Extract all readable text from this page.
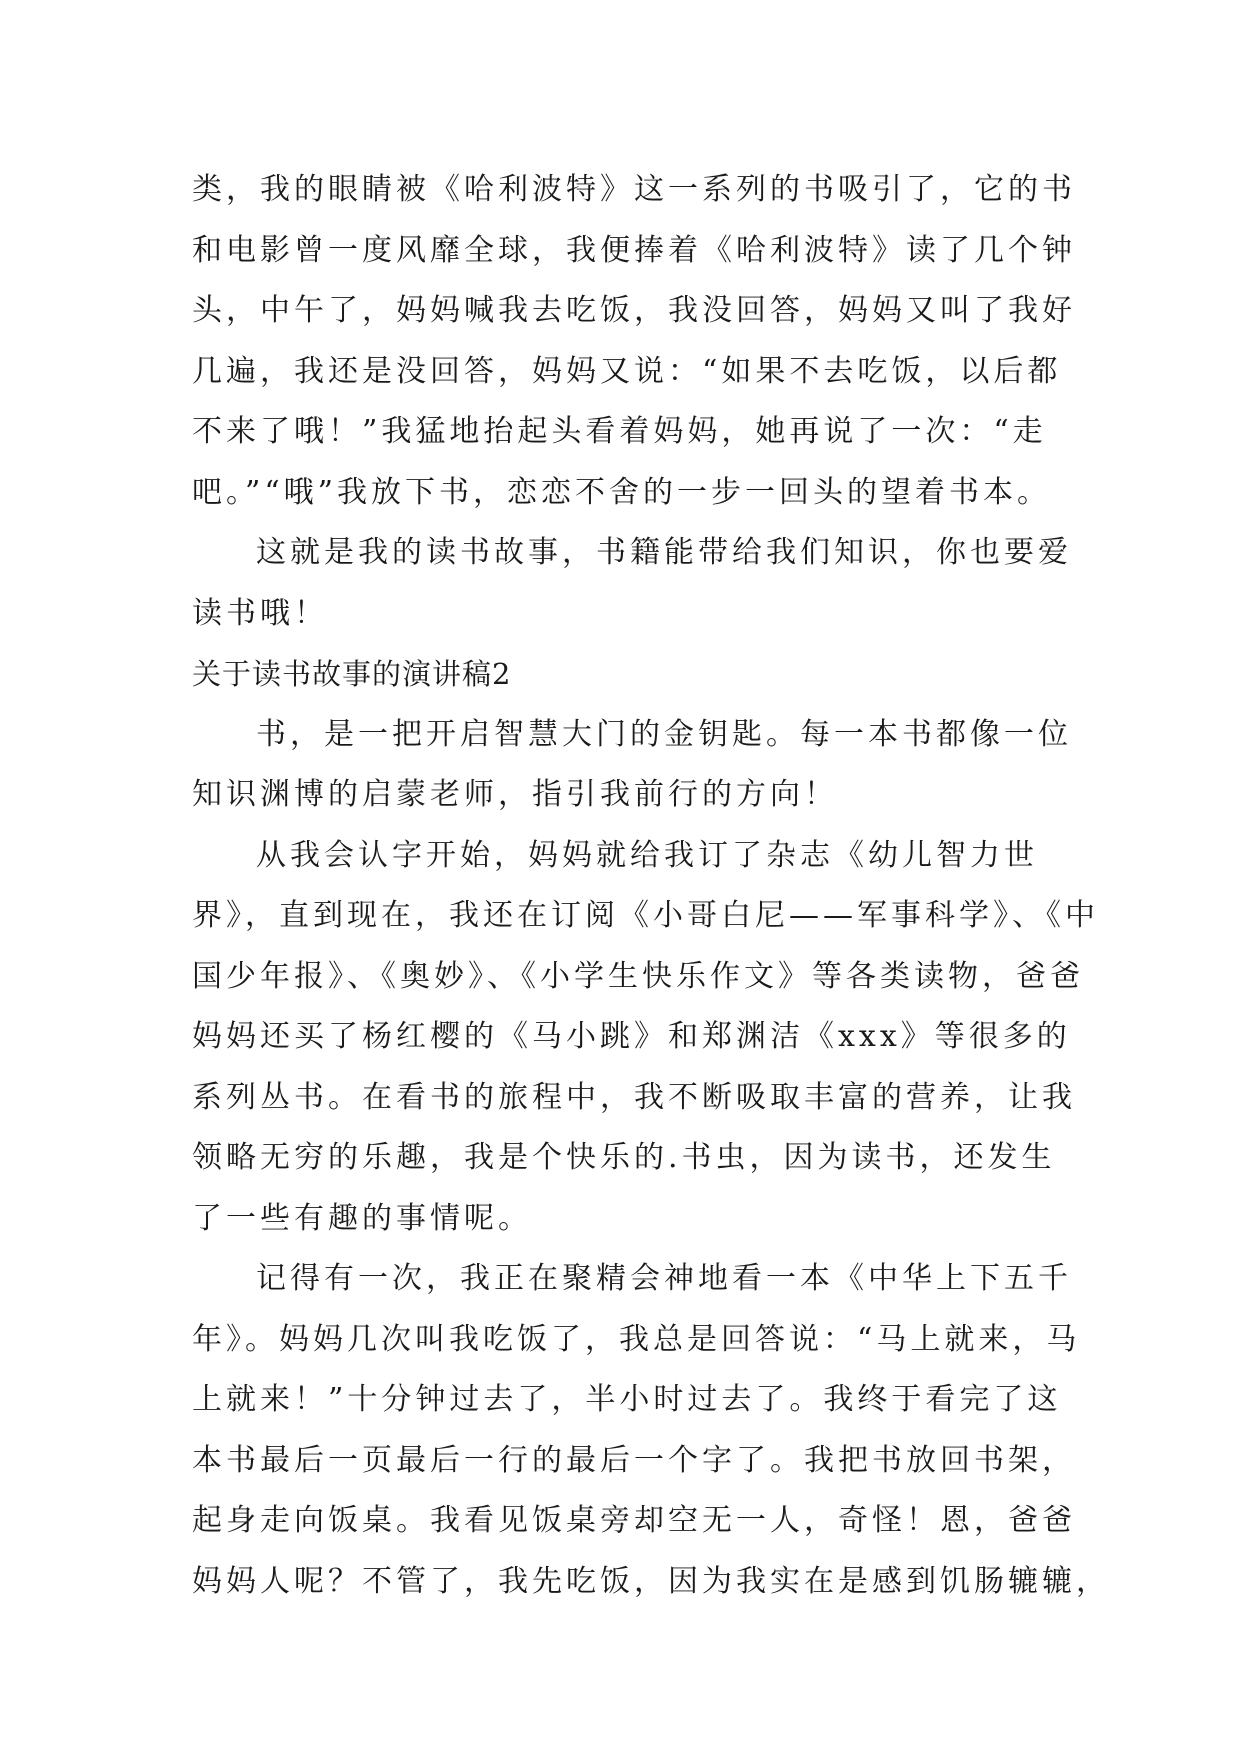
类，我的眼睛被《哈利波特》这一系列的书吸引了，它的书
和电影曾一度风靡全球，我便捧着《哈利波特》读了几个钟
头，中午了，妈妈喊我去吃饭，我没回答，妈妈又叫了我好
几遍，我还是没回答，妈妈又说：“如果不去吃饭，以后都
不来了哦！”我猛地抬起头看着妈妈，她再说了一次：“走
吧。”“哦”我放下书，恋恋不舍的一步一回头的望着书本。
这就是我的读书故事，书籍能带给我们知识，你也要爱
读书哦！
关于读书故事的演讲稿2
书，是一把开启智慧大门的金钥匙。每一本书都像一位
知识渊博的启蒙老师，指引我前行的方向！
从我会认字开始，妈妈就给我订了杂志《幼儿智力世
界》，直到现在，我还在订阅《小哥白尼——军事科学》、《中
国少年报》、《奥妙》、《小学生快乐作文》等各类读物，爸爸
妈妈还买了杨红樱的《马小跳》和郑渊洁《xxx》等很多的
系列丛书。在看书的旅程中，我不断吸取丰富的营养，让我
领略无穷的乐趣，我是个快乐的.书虫，因为读书，还发生
了一些有趣的事情呢。
记得有一次，我正在聚精会神地看一本《中华上下五千
年》。妈妈几次叫我吃饭了，我总是回答说：“马上就来，马
上就来！”十分钟过去了，半小时过去了。我终于看完了这
本书最后一页最后一行的最后一个字了。我把书放回书架，
起身走向饭桌。我看见饭桌旁却空无一人，奇怪！恩，爸爸
妈妈人呢？不管了，我先吃饭，因为我实在是感到饥肠辘辘，
